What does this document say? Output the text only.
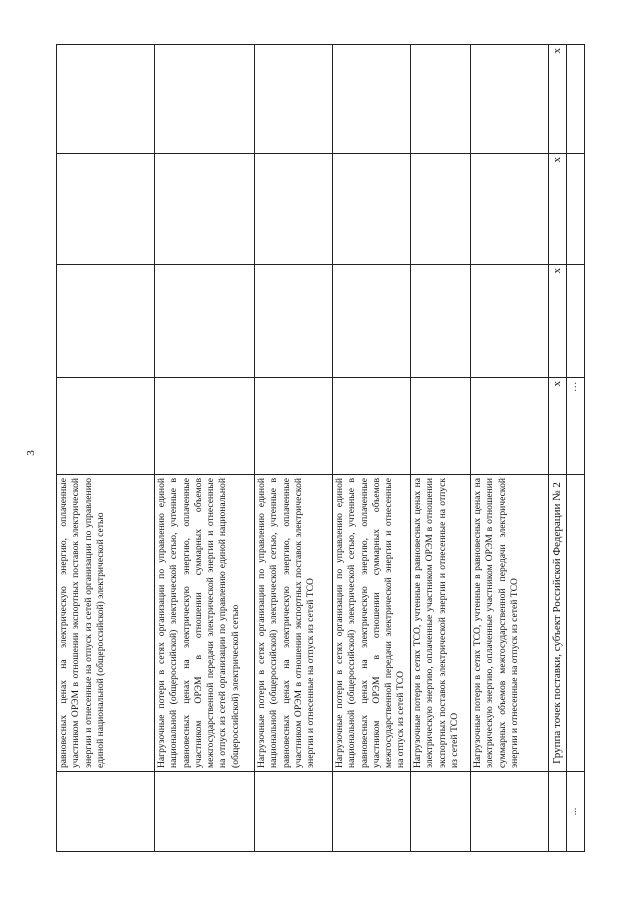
3
	равновесных ценах на электрическую энергию, оплаченные участником ОРЭМ в отношении экспортных поставок электрической энергии и отнесенные на отпуск из сетей организации по управлению единой национальной (общероссийской) электрической сетью				
	Нагрузочные потери в сетях организации по управлению единой национальной (общероссийской) электрической сетью, учтенные в равновесных ценах на электрическую энергию, оплаченные участником ОРЭМ в отношении суммарных объемов межгосударственной передачи электрической энергии и отнесенные на отпуск из сетей организации по управлению единой национальной (общероссийской) электрической сетью				
	Нагрузочные потери в сетях организации по управлению единой национальной (общероссийской) электрической сетью, учтенные в равновесных ценах на электрическую энергию, оплаченные участником ОРЭМ в отношении экспортных поставок электрической энергии и отнесенные на отпуск из сетей ТСО				
	Нагрузочные потери в сетях организации по управлению единой национальной (общероссийской) электрической сетью, учтенные в равновесных ценах на электрическую энергию, оплаченные участником ОРЭМ в отношении суммарных объемов межгосударственной передачи электрической энергии и отнесенные на отпуск из сетей ТСО				
	Нагрузочные потери в сетях ТСО, учтенные в равновесных ценах на электрическую энергию, оплаченные участником ОРЭМ в отношении экспортных поставок электрической энергии и отнесенные на отпуск из сетей ТСО				
	Нагрузочные потери в сетях ТСО, учтенные в равновесных ценах на электрическую энергию, оплаченные участником ОРЭМ в отношении суммарных объемов межгосударственной передачи электрической энергии и отнесенные на отпуск из сетей ТСО				
	Группа точек поставки, субъект Российской Федерации № 2	x	x	x	x
...		...			
